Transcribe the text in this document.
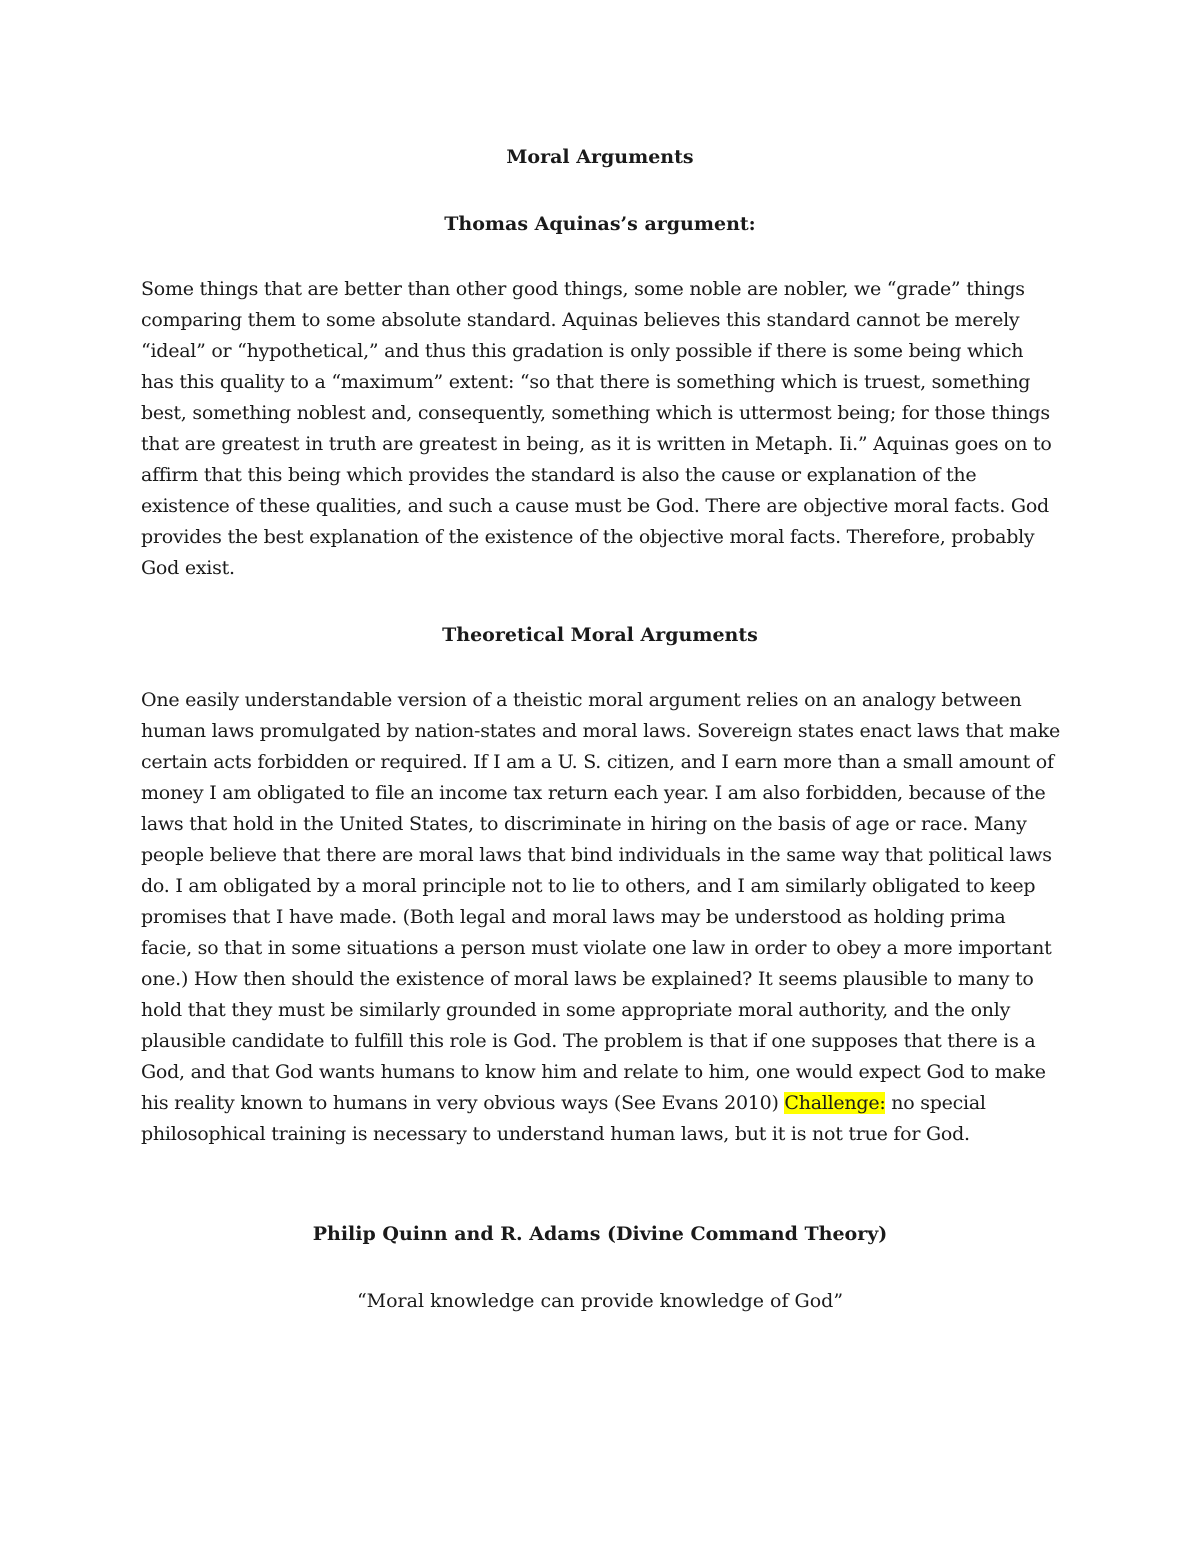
Moral Arguments
Thomas Aquinas’s argument:

Some things that are better than other good things, some noble are nobler, we “grade” things comparing them to some absolute standard. Aquinas believes this standard cannot be merely “ideal” or “hypothetical,” and thus this gradation is only possible if there is some being which has this quality to a “maximum” extent: “so that there is something which is truest, something best, something noblest and, consequently, something which is uttermost being; for those things that are greatest in truth are greatest in being, as it is written in Metaph. Ii.” Aquinas goes on to affirm that this being which provides the standard is also the cause or explanation of the existence of these qualities, and such a cause must be God. There are objective moral facts. God provides the best explanation of the existence of the objective moral facts. Therefore, probably God exist.

Theoretical Moral Arguments

One easily understandable version of a theistic moral argument relies on an analogy between human laws promulgated by nation-states and moral laws. Sovereign states enact laws that make certain acts forbidden or required. If I am a U. S. citizen, and I earn more than a small amount of money I am obligated to file an income tax return each year. I am also forbidden, because of the laws that hold in the United States, to discriminate in hiring on the basis of age or race. Many people believe that there are moral laws that bind individuals in the same way that political laws do. I am obligated by a moral principle not to lie to others, and I am similarly obligated to keep promises that I have made. (Both legal and moral laws may be understood as holding prima facie, so that in some situations a person must violate one law in order to obey a more important one.) How then should the existence of moral laws be explained? It seems plausible to many to hold that they must be similarly grounded in some appropriate moral authority, and the only plausible candidate to fulfill this role is God. The problem is that if one supposes that there is a God, and that God wants humans to know him and relate to him, one would expect God to make his reality known to humans in very obvious ways (See Evans 2010) Challenge: no special philosophical training is necessary to understand human laws, but it is not true for God.

Philip Quinn and R. Adams (Divine Command Theory)

“Moral knowledge can provide knowledge of God”
